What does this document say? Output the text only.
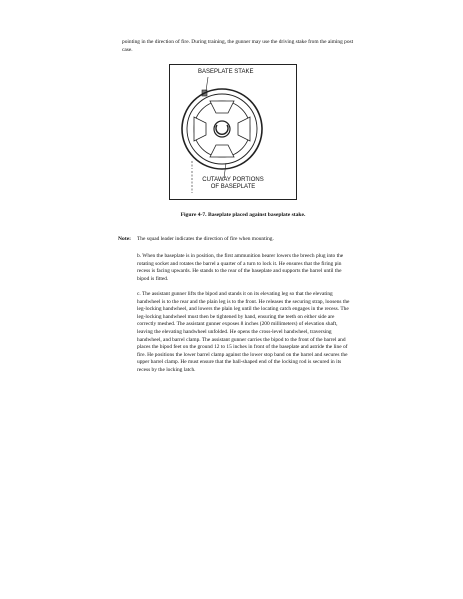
pointing in the direction of fire. During training, the gunner may use the driving stake from the aiming post case.
BASEPLATE STAKE
CUTAWAY PORTIONS
OF BASEPLATE
Figure 4-7. Baseplate placed against baseplate stake.
Note: The squad leader indicates the direction of fire when mounting.
b. When the baseplate is in position, the first ammunition bearer lowers the breech plug into the rotating socket and rotates the barrel a quarter of a turn to lock it. He ensures that the firing pin recess is facing upwards. He stands to the rear of the baseplate and supports the barrel until the bipod is fitted.
c. The assistant gunner lifts the bipod and stands it on its elevating leg so that the elevating handwheel is to the rear and the plain leg is to the front. He releases the securing strap, loosens the leg-locking handwheel, and lowers the plain leg until the locating catch engages in the recess. The leg-locking handwheel must then be tightened by hand, ensuring the teeth on either side are correctly meshed. The assistant gunner exposes 8 inches (200 millimeters) of elevation shaft, leaving the elevating handwheel unfolded. He opens the cross-level handwheel, traversing handwheel, and barrel clamp. The assistant gunner carries the bipod to the front of the barrel and places the bipod feet on the ground 12 to 15 inches in front of the baseplate and astride the line of fire. He positions the lower barrel clamp against the lower stop band on the barrel and secures the upper barrel clamp. He must ensure that the ball-shaped end of the locking rod is secured in its recess by the locking latch.
